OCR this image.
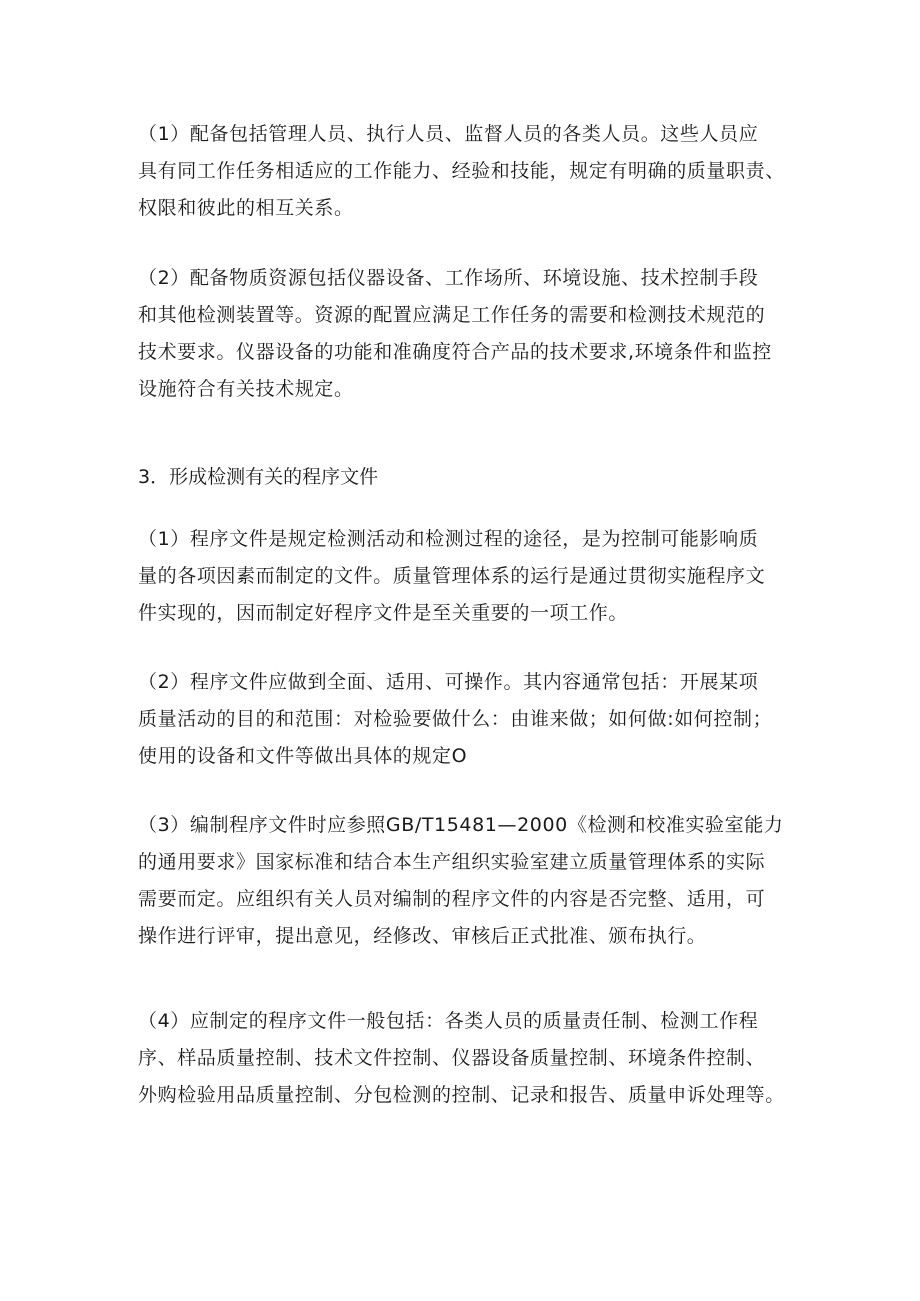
（1）配备包括管理人员、执行人员、监督人员的各类人员。这些人员应
具有同工作任务相适应的工作能力、经验和技能，规定有明确的质量职责、
权限和彼此的相互关系。
（2）配备物质资源包括仪器设备、工作场所、环境设施、技术控制手段
和其他检测装置等。资源的配置应满足工作任务的需要和检测技术规范的
技术要求。仪器设备的功能和准确度符合产品的技术要求,环境条件和监控
设施符合有关技术规定。
3．形成检测有关的程序文件
（1）程序文件是规定检测活动和检测过程的途径，是为控制可能影响质
量的各项因素而制定的文件。质量管理体系的运行是通过贯彻实施程序文
件实现的，因而制定好程序文件是至关重要的一项工作。
（2）程序文件应做到全面、适用、可操作。其内容通常包括：开展某项
质量活动的目的和范围：对检验要做什么：由谁来做；如何做:如何控制；
使用的设备和文件等做出具体的规定O
（3）编制程序文件时应参照GB/T15481—2000《检测和校准实验室能力
的通用要求》国家标准和结合本生产组织实验室建立质量管理体系的实际
需要而定。应组织有关人员对编制的程序文件的内容是否完整、适用，可
操作进行评审，提出意见，经修改、审核后正式批准、颁布执行。
（4）应制定的程序文件一般包括：各类人员的质量责任制、检测工作程
序、样品质量控制、技术文件控制、仪器设备质量控制、环境条件控制、
外购检验用品质量控制、分包检测的控制、记录和报告、质量申诉处理等。
